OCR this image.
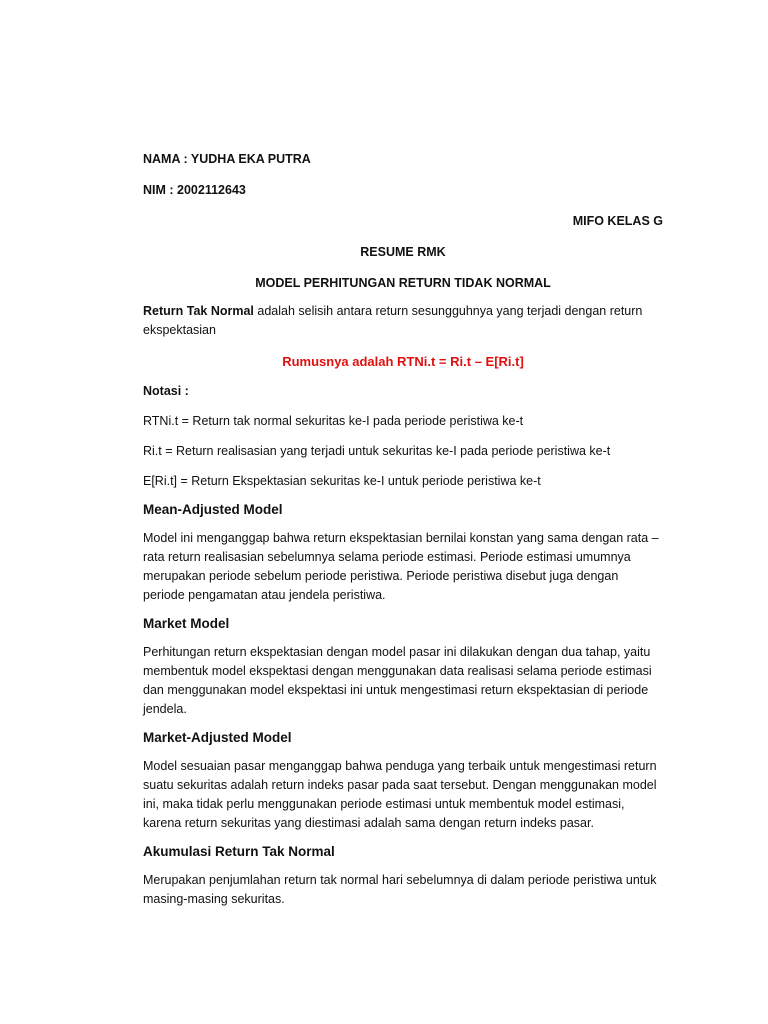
NAMA : YUDHA EKA PUTRA

NIM : 2002112643

MIFO KELAS G

RESUME RMK

MODEL PERHITUNGAN RETURN TIDAK NORMAL

Return Tak Normal adalah selisih antara return sesungguhnya yang terjadi dengan return ekspektasian

Rumusnya adalah RTNi.t = Ri.t – E[Ri.t]

Notasi :

RTNi.t = Return tak normal sekuritas ke-I pada periode peristiwa ke-t

Ri.t = Return realisasian yang terjadi untuk sekuritas ke-I pada periode peristiwa ke-t

E[Ri.t] = Return Ekspektasian sekuritas ke-I untuk periode peristiwa ke-t

Mean-Adjusted Model

Model ini menganggap bahwa return ekspektasian bernilai konstan yang sama dengan rata – rata return realisasian sebelumnya selama periode estimasi. Periode estimasi umumnya merupakan periode sebelum periode peristiwa. Periode peristiwa disebut juga dengan periode pengamatan atau jendela peristiwa.

Market Model

Perhitungan return ekspektasian dengan model pasar ini dilakukan dengan dua tahap, yaitu membentuk model ekspektasi dengan menggunakan data realisasi selama periode estimasi dan menggunakan model ekspektasi ini untuk mengestimasi return ekspektasian di periode jendela.

Market-Adjusted Model

Model sesuaian pasar menganggap bahwa penduga yang terbaik untuk mengestimasi return suatu sekuritas adalah return indeks pasar pada saat tersebut. Dengan menggunakan model ini, maka tidak perlu menggunakan periode estimasi untuk membentuk model estimasi, karena return sekuritas yang diestimasi adalah sama dengan return indeks pasar.

Akumulasi Return Tak Normal

Merupakan penjumlahan return tak normal hari sebelumnya di dalam periode peristiwa untuk masing-masing sekuritas.
